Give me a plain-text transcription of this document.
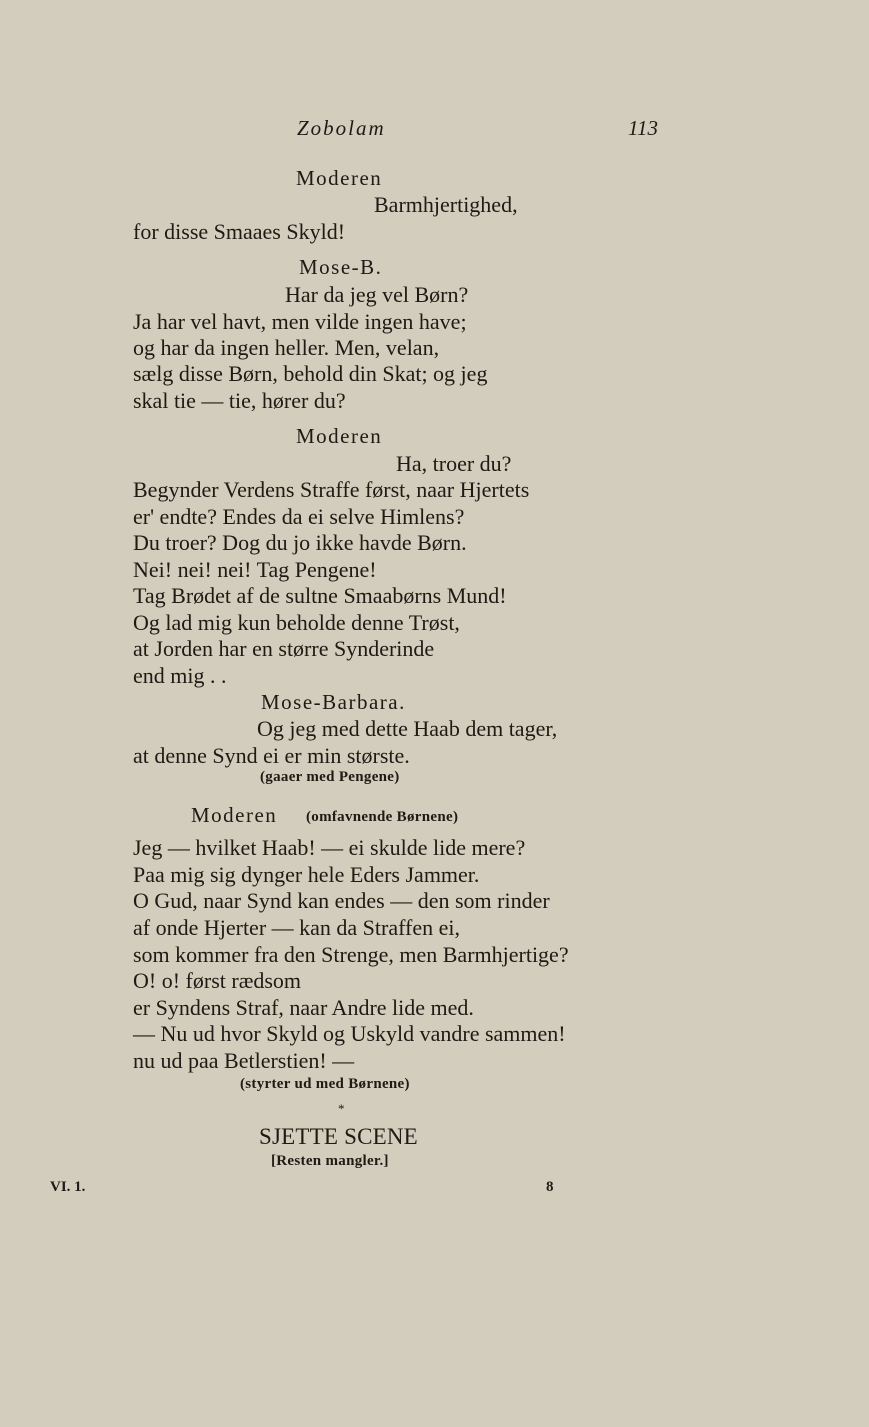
Zobolam	113
Moderen
Barmhjertighed,
for disse Smaaes Skyld!
Mose-B.
Har da jeg vel Børn?
Ja har vel havt, men vilde ingen have;
og har da ingen heller. Men, velan,
sælg disse Børn, behold din Skat; og jeg
skal tie — tie, hører du?
Moderen
Ha, troer du?
Begynder Verdens Straffe først, naar Hjertets
er' endte? Endes da ei selve Himlens?
Du troer? Dog du jo ikke havde Børn.
Nei! nei! nei! Tag Pengene!
Tag Brødet af de sultne Smaabørns Mund!
Og lad mig kun beholde denne Trøst,
at Jorden har en større Synderinde
end mig . .
Mose-Barbara.
Og jeg med dette Haab dem tager,
at denne Synd ei er min største.
(gaaer med Pengene)
Moderen (omfavnende Børnene)
Jeg — hvilket Haab! — ei skulde lide mere?
Paa mig sig dynger hele Eders Jammer.
O Gud, naar Synd kan endes — den som rinder
af onde Hjerter — kan da Straffen ei,
som kommer fra den Strenge, men Barmhjertige?
O! o! først rædsom
er Syndens Straf, naar Andre lide med.
— Nu ud hvor Skyld og Uskyld vandre sammen!
nu ud paa Betlerstien! —
(styrter ud med Børnene)
*
SJETTE SCENE
[Resten mangler.]
VI. 1.	8
